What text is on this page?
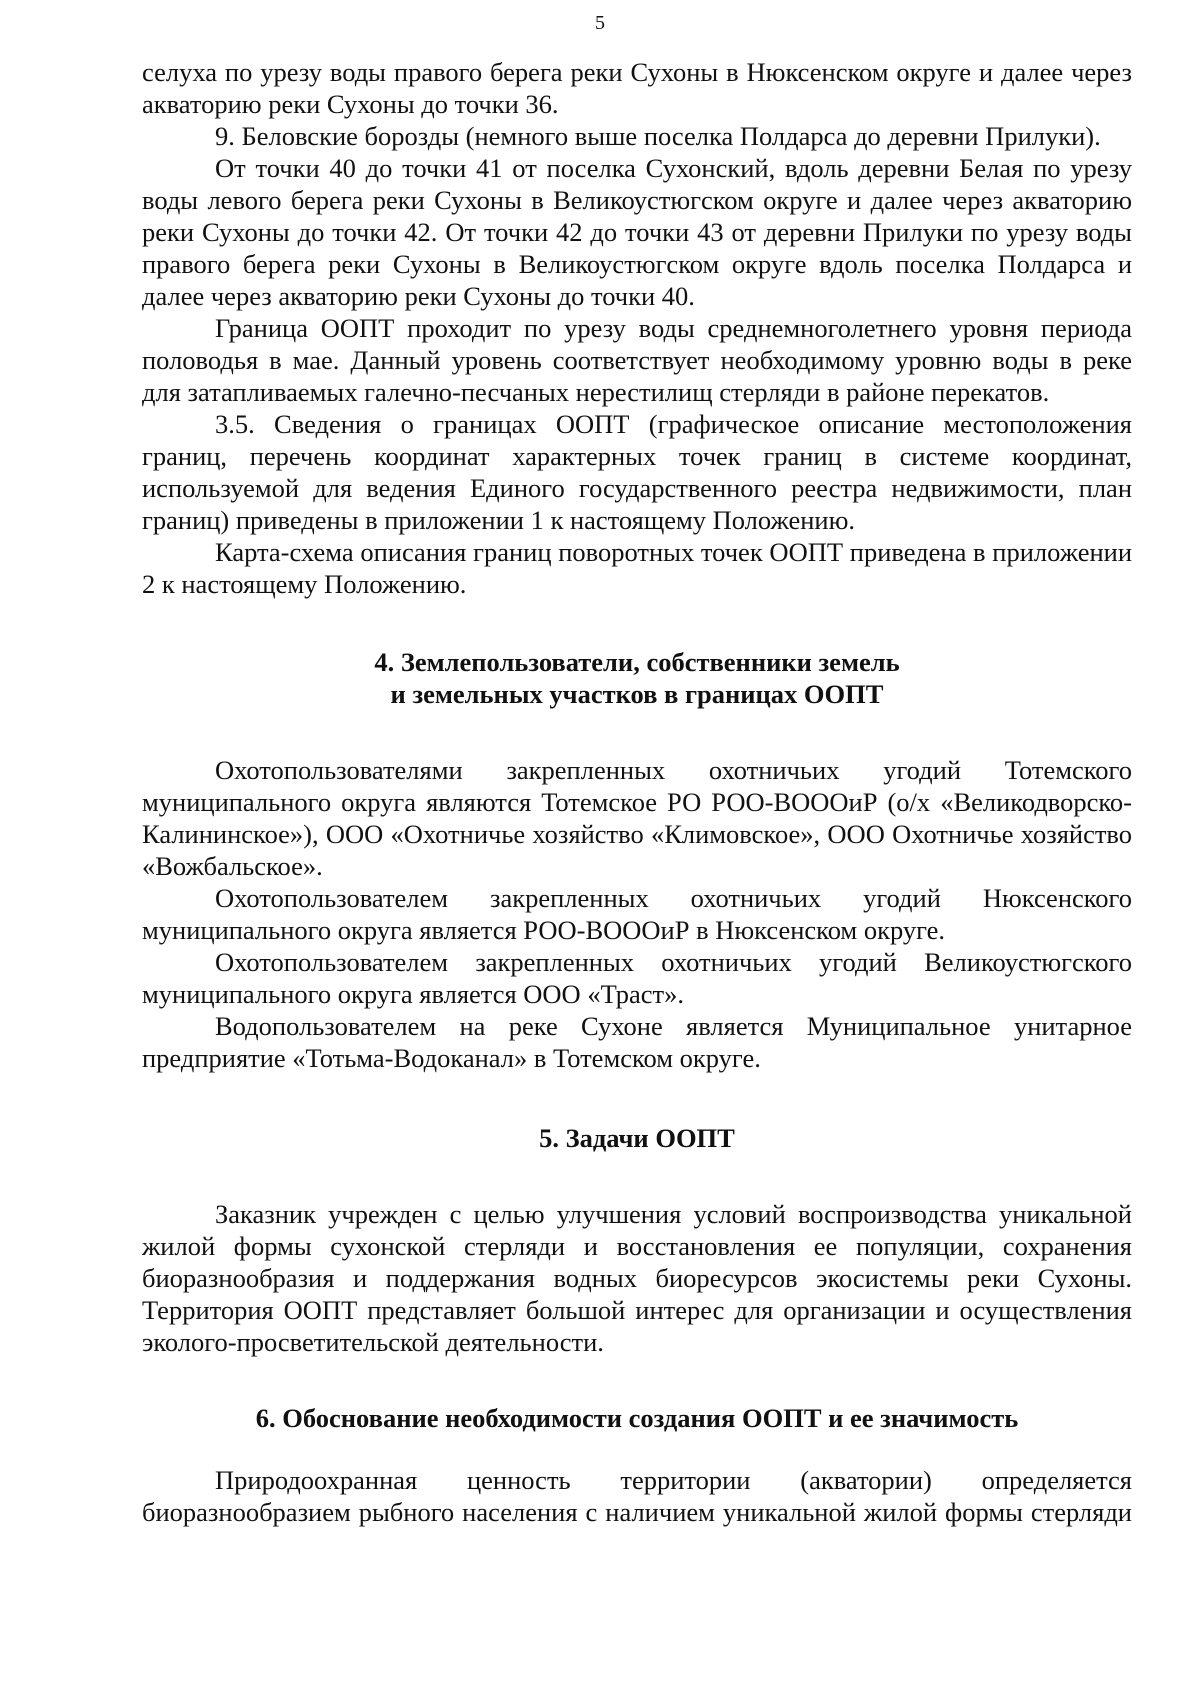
5

селуха по урезу воды правого берега реки Сухоны в Нюксенском округе и далее через акваторию реки Сухоны до точки 36.

9. Беловские борозды (немного выше поселка Полдарса до деревни Прилуки).

От точки 40 до точки 41 от поселка Сухонский, вдоль деревни Белая по урезу воды левого берега реки Сухоны в Великоустюгском округе и далее через акваторию реки Сухоны до точки 42. От точки 42 до точки 43 от деревни Прилуки по урезу воды правого берега реки Сухоны в Великоустюгском округе вдоль поселка Полдарса и далее через акваторию реки Сухоны до точки 40.

Граница ООПТ проходит по урезу воды среднемноголетнего уровня периода половодья в мае. Данный уровень соответствует необходимому уровню воды в реке для затапливаемых галечно-песчаных нерестилищ стерляди в районе перекатов.

3.5. Сведения о границах ООПТ (графическое описание местоположения границ, перечень координат характерных точек границ в системе координат, используемой для ведения Единого государственного реестра недвижимости, план границ) приведены в приложении 1 к настоящему Положению.

Карта-схема описания границ поворотных точек ООПТ приведена в приложении 2 к настоящему Положению.

4. Землепользователи, собственники земель
и земельных участков в границах ООПТ

Охотопользователями закрепленных охотничьих угодий Тотемского муниципального округа являются Тотемское РО РОО-ВОООиР (о/х «Великодворско-Калининское»), ООО «Охотничье хозяйство «Климовское», ООО Охотничье хозяйство «Вожбальское».

Охотопользователем закрепленных охотничьих угодий Нюксенского муниципального округа является РОО-ВОООиР в Нюксенском округе.

Охотопользователем закрепленных охотничьих угодий Великоустюгского муниципального округа является ООО «Траст».

Водопользователем на реке Сухоне является Муниципальное унитарное предприятие «Тотьма-Водоканал» в Тотемском округе.

5. Задачи ООПТ

Заказник учрежден с целью улучшения условий воспроизводства уникальной жилой формы сухонской стерляди и восстановления ее популяции, сохранения биоразнообразия и поддержания водных биоресурсов экосистемы реки Сухоны. Территория ООПТ представляет большой интерес для организации и осуществления эколого-просветительской деятельности.

6. Обоснование необходимости создания ООПТ и ее значимость

Природоохранная ценность территории (акватории) определяется биоразнообразием рыбного населения с наличием уникальной жилой формы стерляди
